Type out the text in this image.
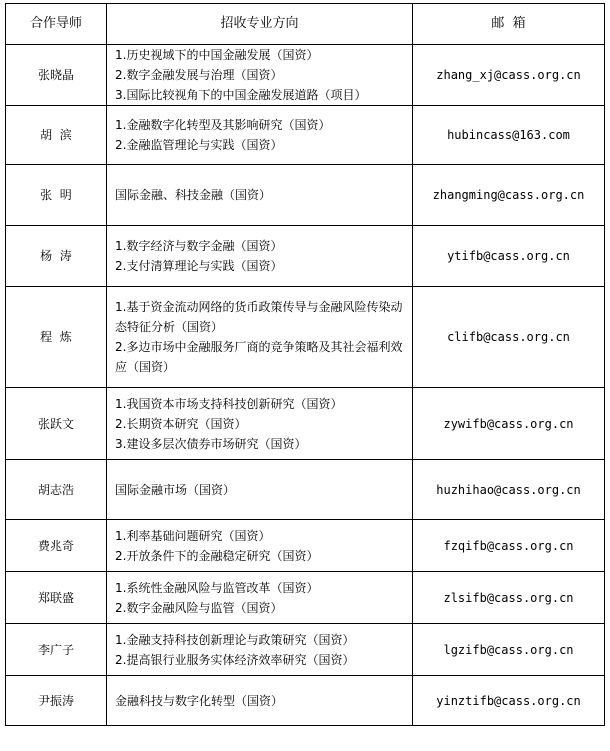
合作导师	招收专业方向	邮  箱
张晓晶	1.历史视域下的中国金融发展（国资）
2.数字金融发展与治理（国资）
3.国际比较视角下的中国金融发展道路（项目）	zhang_xj@cass.org.cn
胡  滨	1.金融数字化转型及其影响研究（国资）
2.金融监管理论与实践（国资）	hubincass@163.com
张  明	国际金融、科技金融（国资）	zhangming@cass.org.cn
杨  涛	1.数字经济与数字金融（国资）
2.支付清算理论与实践（国资）	ytifb@cass.org.cn
程  炼	1.基于资金流动网络的货币政策传导与金融风险传染动态特征分析（国资）
2.多边市场中金融服务厂商的竞争策略及其社会福利效应（国资）	clifb@cass.org.cn
张跃文	1.我国资本市场支持科技创新研究（国资）
2.长期资本研究（国资）
3.建设多层次债券市场研究（国资）	zywifb@cass.org.cn
胡志浩	国际金融市场（国资）	huzhihao@cass.org.cn
费兆奇	1.利率基础问题研究（国资）
2.开放条件下的金融稳定研究（国资）	fzqifb@cass.org.cn
郑联盛	1.系统性金融风险与监管改革（国资）
2.数字金融风险与监管（国资）	zlsifb@cass.org.cn
李广子	1.金融支持科技创新理论与政策研究（国资）
2.提高银行业服务实体经济效率研究（国资）	lgzifb@cass.org.cn
尹振涛	金融科技与数字化转型（国资）	yinztifb@cass.org.cn
